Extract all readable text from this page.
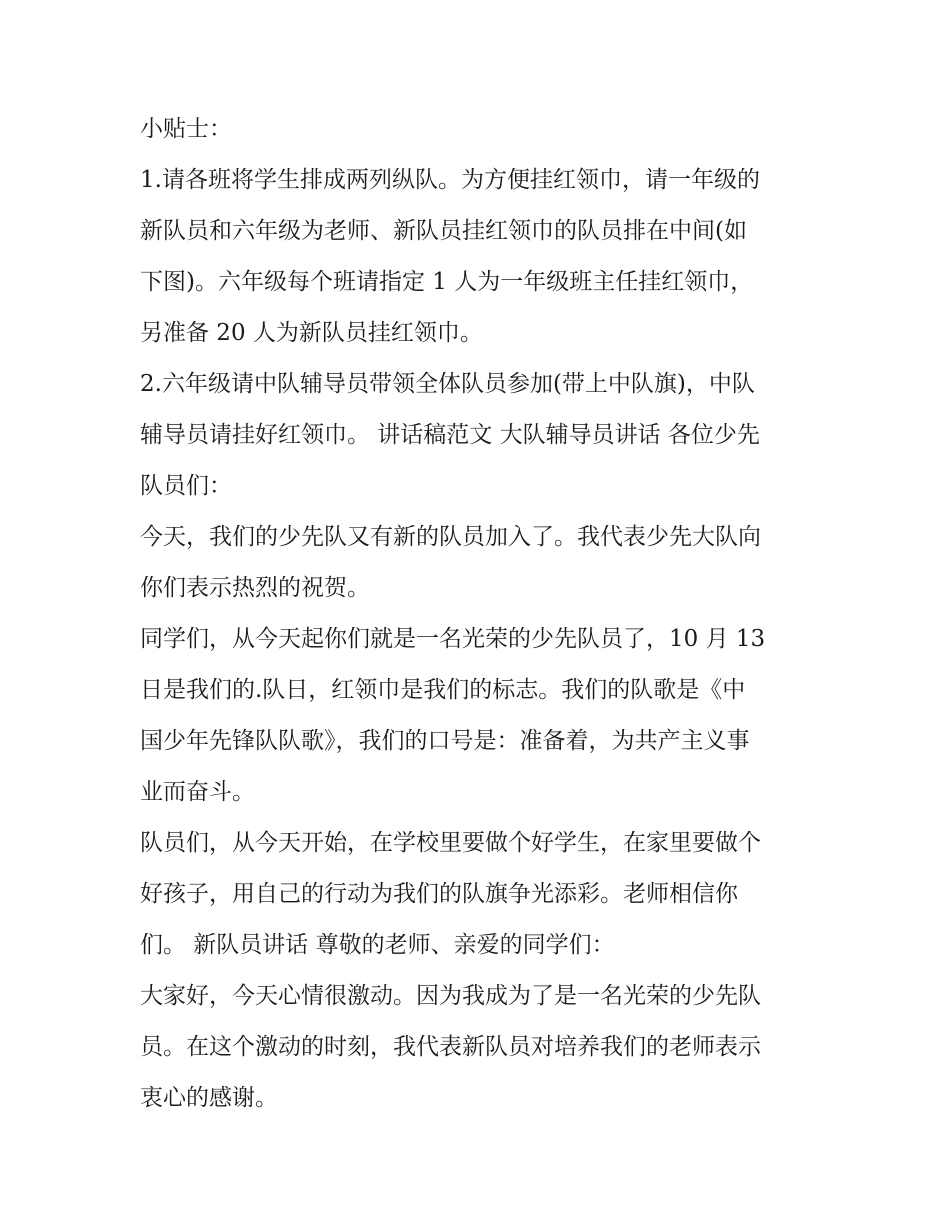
小贴士：
1.请各班将学生排成两列纵队。为方便挂红领巾，请一年级的
新队员和六年级为老师、新队员挂红领巾的队员排在中间(如
下图)。六年级每个班请指定 1 人为一年级班主任挂红领巾，
另准备 20 人为新队员挂红领巾。
2.六年级请中队辅导员带领全体队员参加(带上中队旗)，中队
辅导员请挂好红领巾。 讲话稿范文 大队辅导员讲话 各位少先
队员们：
今天，我们的少先队又有新的队员加入了。我代表少先大队向
你们表示热烈的祝贺。
同学们，从今天起你们就是一名光荣的少先队员了，10 月 13
日是我们的.队日，红领巾是我们的标志。我们的队歌是《中
国少年先锋队队歌》，我们的口号是：准备着，为共产主义事
业而奋斗。
队员们，从今天开始，在学校里要做个好学生，在家里要做个
好孩子，用自己的行动为我们的队旗争光添彩。老师相信你
们。 新队员讲话 尊敬的老师、亲爱的同学们：
大家好，今天心情很激动。因为我成为了是一名光荣的少先队
员。在这个激动的时刻，我代表新队员对培养我们的老师表示
衷心的感谢。
